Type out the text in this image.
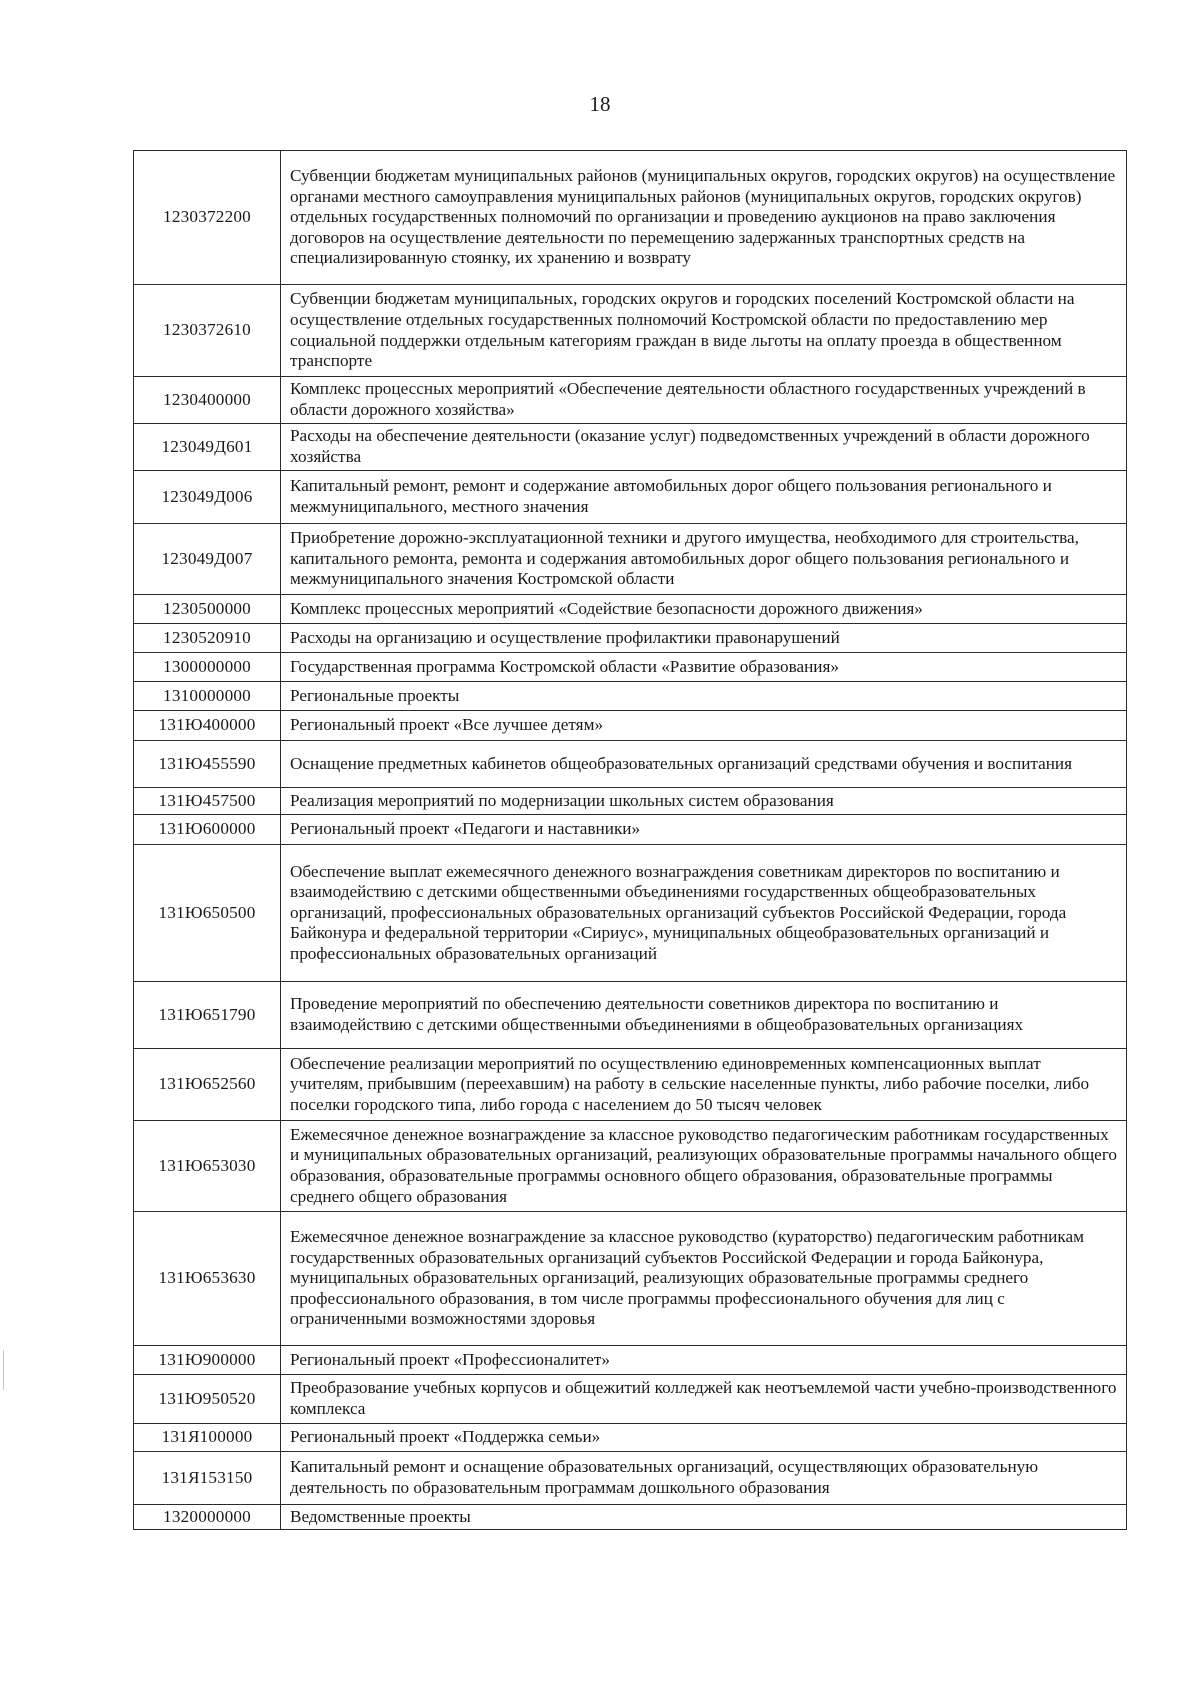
18
1230372200	Субвенции бюджетам муниципальных районов (муниципальных округов, городских округов) на осуществление органами местного самоуправления муниципальных районов (муниципальных округов, городских округов) отдельных государственных полномочий по организации и проведению аукционов на право заключения договоров на осуществление деятельности по перемещению задержанных транспортных средств на специализированную стоянку, их хранению и возврату
1230372610	Субвенции бюджетам муниципальных, городских округов и городских поселений Костромской области на осуществление отдельных государственных полномочий Костромской области по предоставлению мер социальной поддержки отдельным категориям граждан в виде льготы на оплату проезда в общественном транспорте
1230400000	Комплекс процессных мероприятий «Обеспечение деятельности областного государственных учреждений в области дорожного хозяйства»
123049Д601	Расходы на обеспечение деятельности (оказание услуг) подведомственных учреждений в области дорожного хозяйства
123049Д006	Капитальный ремонт, ремонт и содержание автомобильных дорог общего пользования регионального и межмуниципального, местного значения
123049Д007	Приобретение дорожно-эксплуатационной техники и другого имущества, необходимого для строительства, капитального ремонта, ремонта и содержания автомобильных дорог общего пользования регионального и межмуниципального значения Костромской области
1230500000	Комплекс процессных мероприятий «Содействие безопасности дорожного движения»
1230520910	Расходы на организацию и осуществление профилактики правонарушений
1300000000	Государственная программа Костромской области «Развитие образования»
1310000000	Региональные проекты
131Ю400000	Региональный проект «Все лучшее детям»
131Ю455590	Оснащение предметных кабинетов общеобразовательных организаций средствами обучения и воспитания
131Ю457500	Реализация мероприятий по модернизации школьных систем образования
131Ю600000	Региональный проект «Педагоги и наставники»
131Ю650500	Обеспечение выплат ежемесячного денежного вознаграждения советникам директоров по воспитанию и взаимодействию с детскими общественными объединениями государственных общеобразовательных организаций, профессиональных образовательных организаций субъектов Российской Федерации, города Байконура и федеральной территории «Сириус», муниципальных общеобразовательных организаций и профессиональных образовательных организаций
131Ю651790	Проведение мероприятий по обеспечению деятельности советников директора по воспитанию и взаимодействию с детскими общественными объединениями в общеобразовательных организациях
131Ю652560	Обеспечение реализации мероприятий по осуществлению единовременных компенсационных выплат учителям, прибывшим (переехавшим) на работу в сельские населенные пункты, либо рабочие поселки, либо поселки городского типа, либо города с населением до 50 тысяч человек
131Ю653030	Ежемесячное денежное вознаграждение за классное руководство педагогическим работникам государственных и муниципальных образовательных организаций, реализующих образовательные программы начального общего образования, образовательные программы основного общего образования, образовательные программы среднего общего образования
131Ю653630	Ежемесячное денежное вознаграждение за классное руководство (кураторство) педагогическим работникам государственных образовательных организаций субъектов Российской Федерации и города Байконура, муниципальных образовательных организаций, реализующих образовательные программы среднего профессионального образования, в том числе программы профессионального обучения для лиц с ограниченными возможностями здоровья
131Ю900000	Региональный проект «Профессионалитет»
131Ю950520	Преобразование учебных корпусов и общежитий колледжей как неотъемлемой части учебно-производственного комплекса
131Я100000	Региональный проект «Поддержка семьи»
131Я153150	Капитальный ремонт и оснащение образовательных организаций, осуществляющих образовательную деятельность по образовательным программам дошкольного образования
1320000000	Ведомственные проекты
